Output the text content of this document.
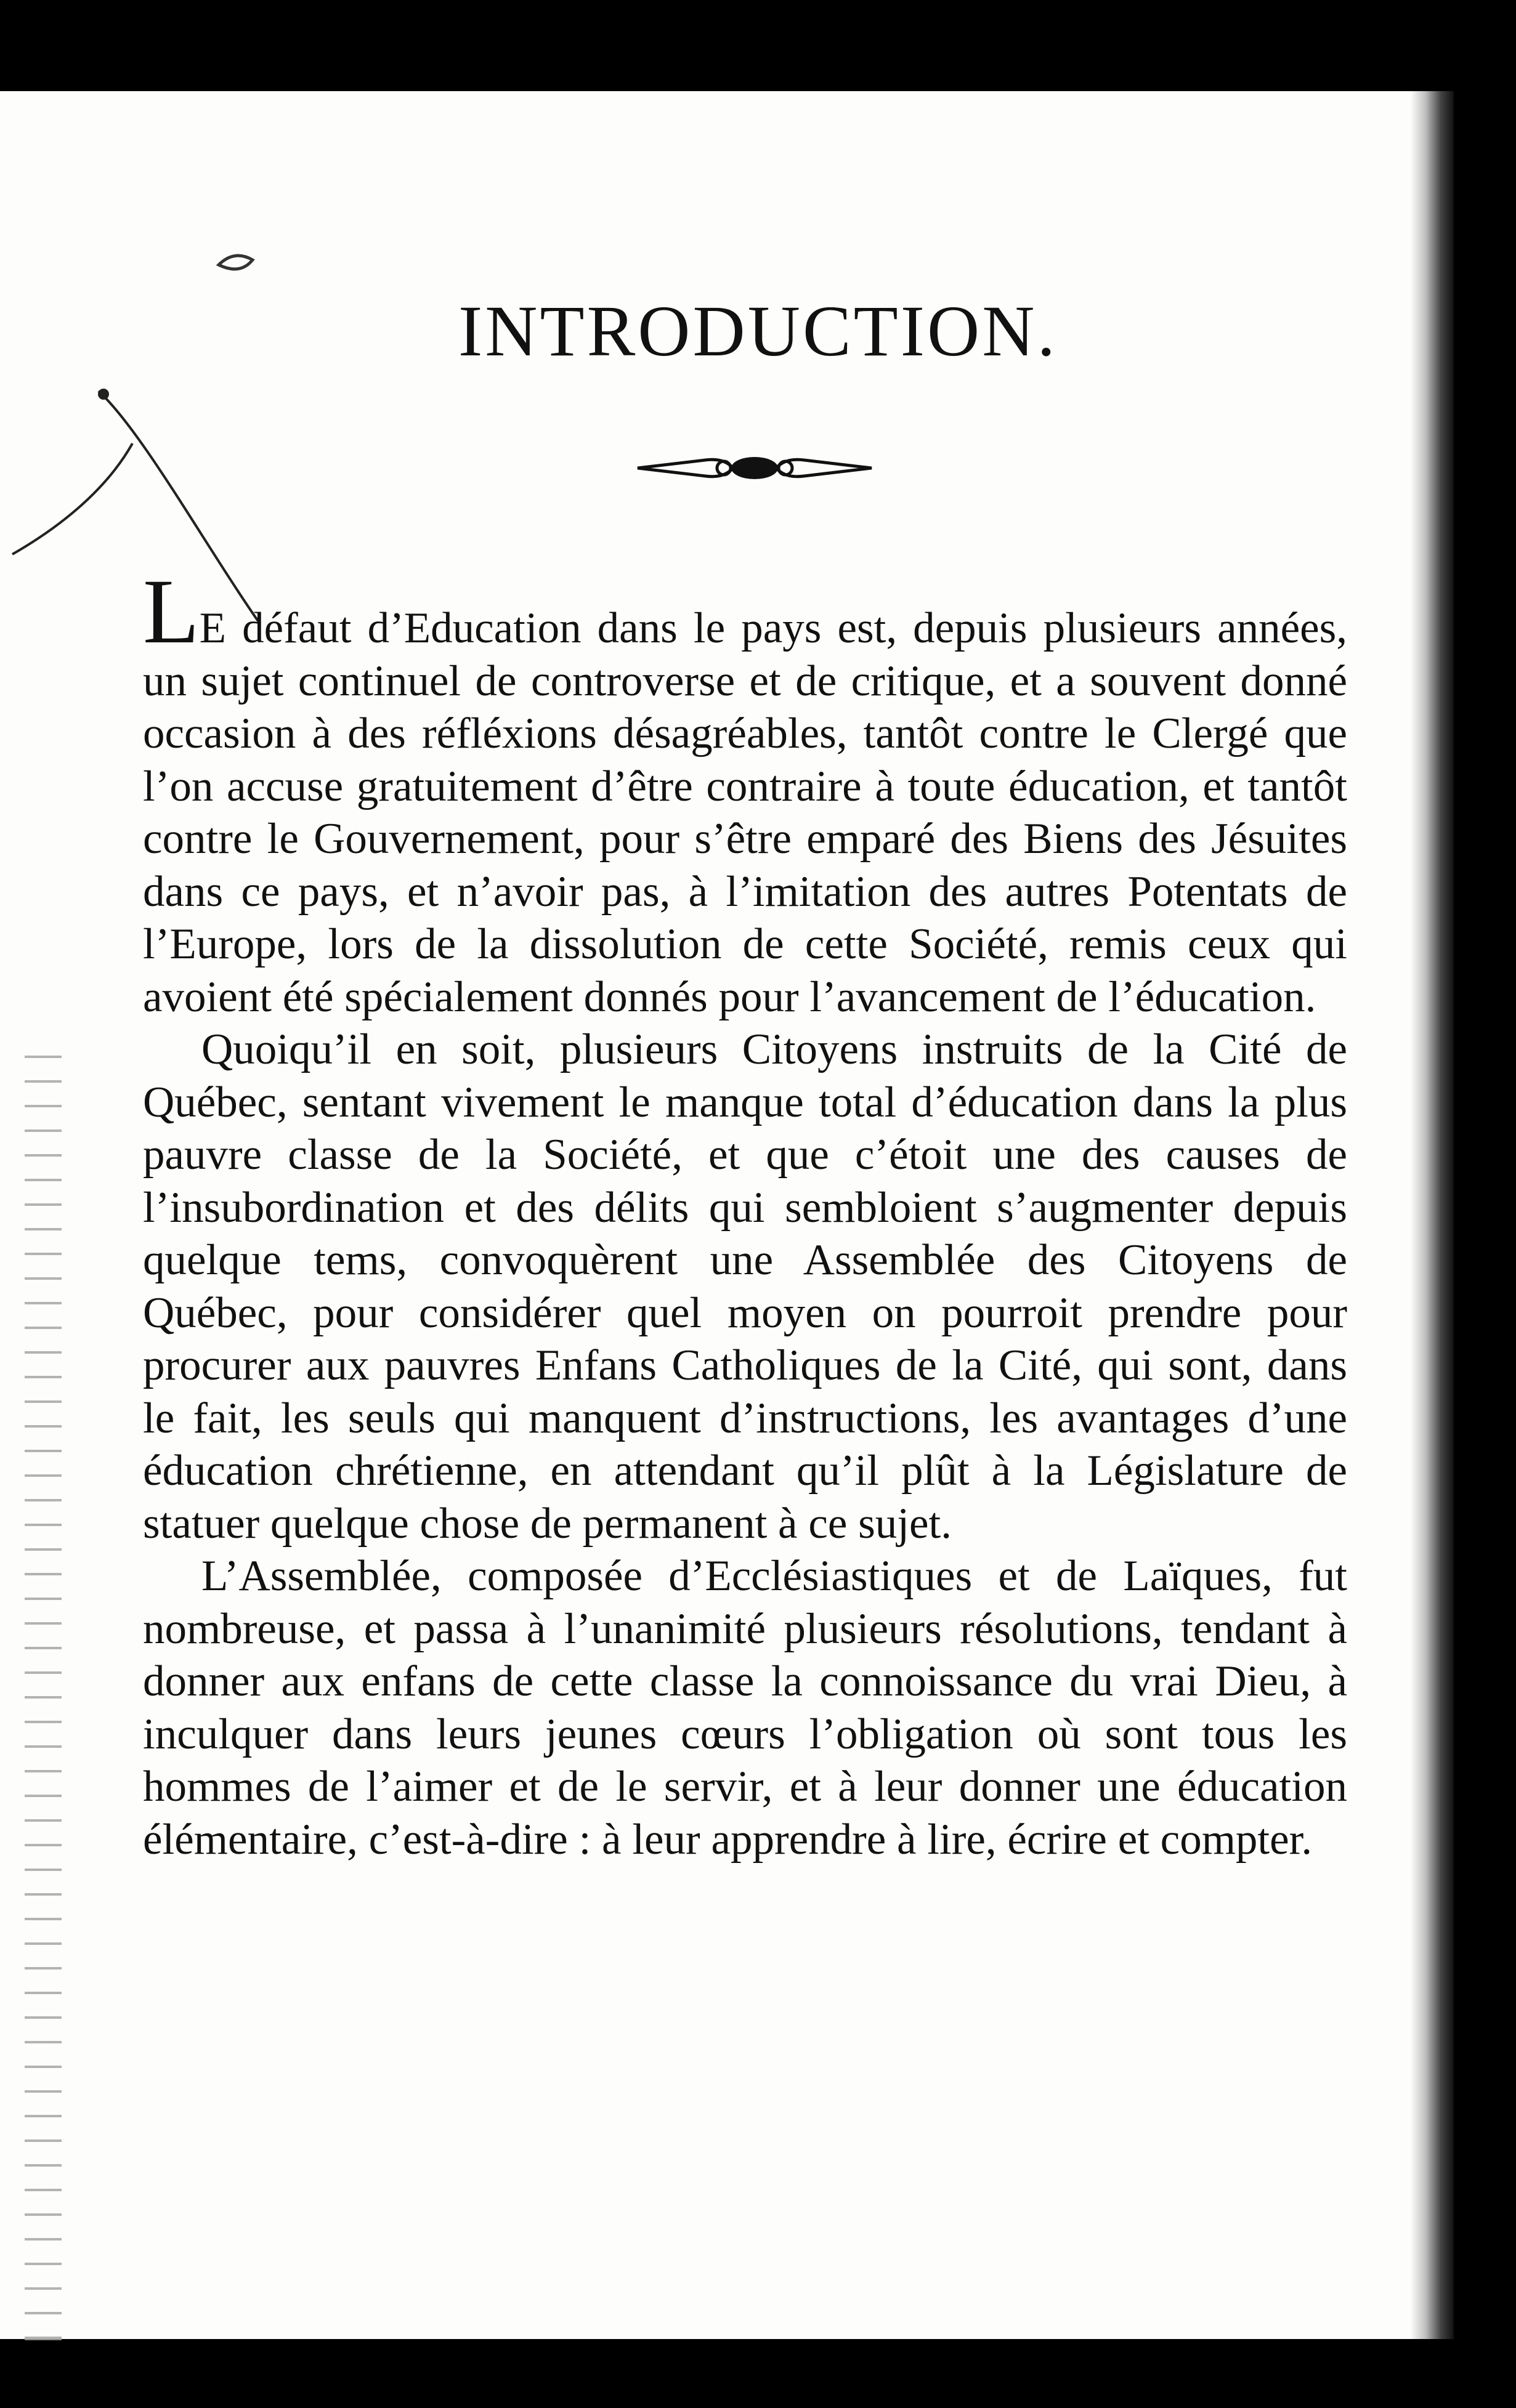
INTRODUCTION.

LE défaut d’Education dans le pays est, depuis plusieurs années, un sujet continuel de controverse et de critique, et a souvent donné occasion à des réfléxions désagréables, tantôt contre le Clergé que l’on accuse gratuitement d’être contraire à toute éducation, et tantôt contre le Gouvernement, pour s’être emparé des Biens des Jésuites dans ce pays, et n’avoir pas, à l’imitation des autres Potentats de l’Europe, lors de la dissolution de cette Société, remis ceux qui avoient été spécialement donnés pour l’avancement de l’éducation.

Quoiqu’il en soit, plusieurs Citoyens instruits de la Cité de Québec, sentant vivement le manque total d’éducation dans la plus pauvre classe de la Société, et que c’étoit une des causes de l’insubordination et des délits qui sembloient s’augmenter depuis quelque tems, convoquèrent une Assemblée des Citoyens de Québec, pour considérer quel moyen on pourroit prendre pour procurer aux pauvres Enfans Catholiques de la Cité, qui sont, dans le fait, les seuls qui manquent d’instructions, les avantages d’une éducation chrétienne, en attendant qu’il plût à la Législature de statuer quelque chose de permanent à ce sujet.

L’Assemblée, composée d’Ecclésiastiques et de Laïques, fut nombreuse, et passa à l’unanimité plusieurs résolutions, tendant à donner aux enfans de cette classe la connoissance du vrai Dieu, à inculquer dans leurs jeunes cœurs l’obligation où sont tous les hommes de l’aimer et de le servir, et à leur donner une éducation élémentaire, c’est-à-dire : à leur apprendre à lire, écrire et compter.
